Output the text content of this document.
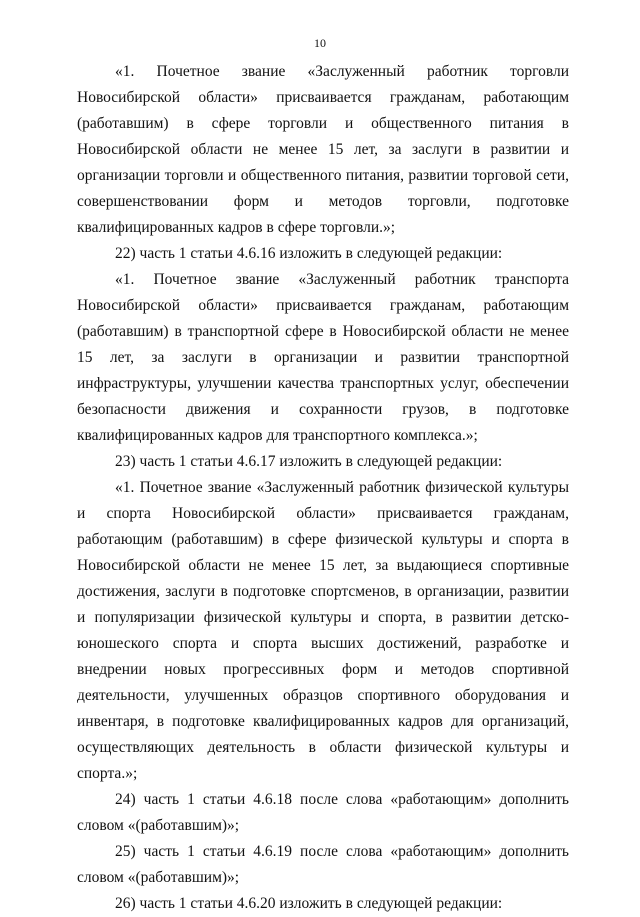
10

«1. Почетное звание «Заслуженный работник торговли Новосибирской области» присваивается гражданам, работающим (работавшим) в сфере торговли и общественного питания в Новосибирской области не менее 15 лет, за заслуги в развитии и организации торговли и общественного питания, развитии торговой сети, совершенствовании форм и методов торговли, подготовке квалифицированных кадров в сфере торговли.»;

22) часть 1 статьи 4.6.16 изложить в следующей редакции:

«1. Почетное звание «Заслуженный работник транспорта Новосибирской области» присваивается гражданам, работающим (работавшим) в транспортной сфере в Новосибирской области не менее 15 лет, за заслуги в организации и развитии транспортной инфраструктуры, улучшении качества транспортных услуг, обеспечении безопасности движения и сохранности грузов, в подготовке квалифицированных кадров для транспортного комплекса.»;

23) часть 1 статьи 4.6.17 изложить в следующей редакции:

«1. Почетное звание «Заслуженный работник физической культуры и спорта Новосибирской области» присваивается гражданам, работающим (работавшим) в сфере физической культуры и спорта в Новосибирской области не менее 15 лет, за выдающиеся спортивные достижения, заслуги в подготовке спортсменов, в организации, развитии и популяризации физической культуры и спорта, в развитии детско-юношеского спорта и спорта высших достижений, разработке и внедрении новых прогрессивных форм и методов спортивной деятельности, улучшенных образцов спортивного оборудования и инвентаря, в подготовке квалифицированных кадров для организаций, осуществляющих деятельность в области физической культуры и спорта.»;

24) часть 1 статьи 4.6.18 после слова «работающим» дополнить словом «(работавшим)»;

25) часть 1 статьи 4.6.19 после слова «работающим» дополнить словом «(работавшим)»;

26) часть 1 статьи 4.6.20 изложить в следующей редакции:
